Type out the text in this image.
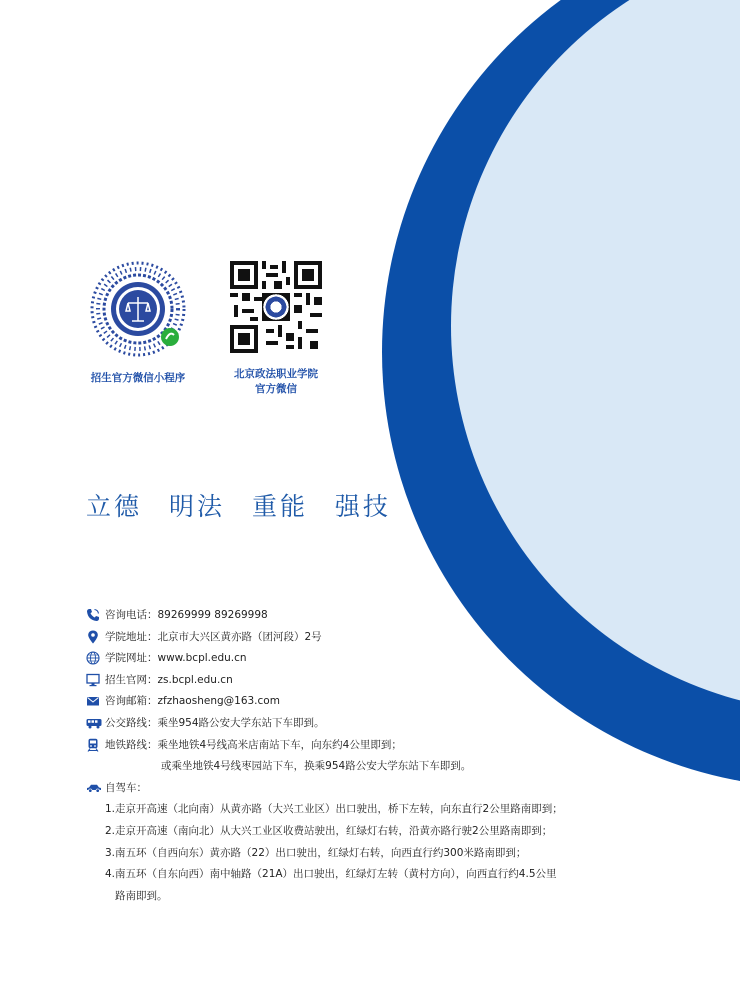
招生官方微信小程序	北京政法职业学院
官方微信
立德 明法 重能 强技
咨询电话：89269999 89269998
学院地址：北京市大兴区黄亦路（团河段）2号
学院网址：www.bcpl.edu.cn
招生官网：zs.bcpl.edu.cn
咨询邮箱：zfzhaosheng@163.com
公交路线：乘坐954路公安大学东站下车即到。
地铁路线：乘坐地铁4号线高米店南站下车，向东约4公里即到；
或乘坐地铁4号线枣园站下车，换乘954路公安大学东站下车即到。
自驾车：
1.走京开高速（北向南）从黄亦路（大兴工业区）出口驶出，桥下左转，向东直行2公里路南即到；
2.走京开高速（南向北）从大兴工业区收费站驶出，红绿灯右转，沿黄亦路行驶2公里路南即到；
3.南五环（自西向东）黄亦路（22）出口驶出，红绿灯右转，向西直行约300米路南即到；
4.南五环（自东向西）南中轴路（21A）出口驶出，红绿灯左转（黄村方向），向西直行约4.5公里
路南即到。
